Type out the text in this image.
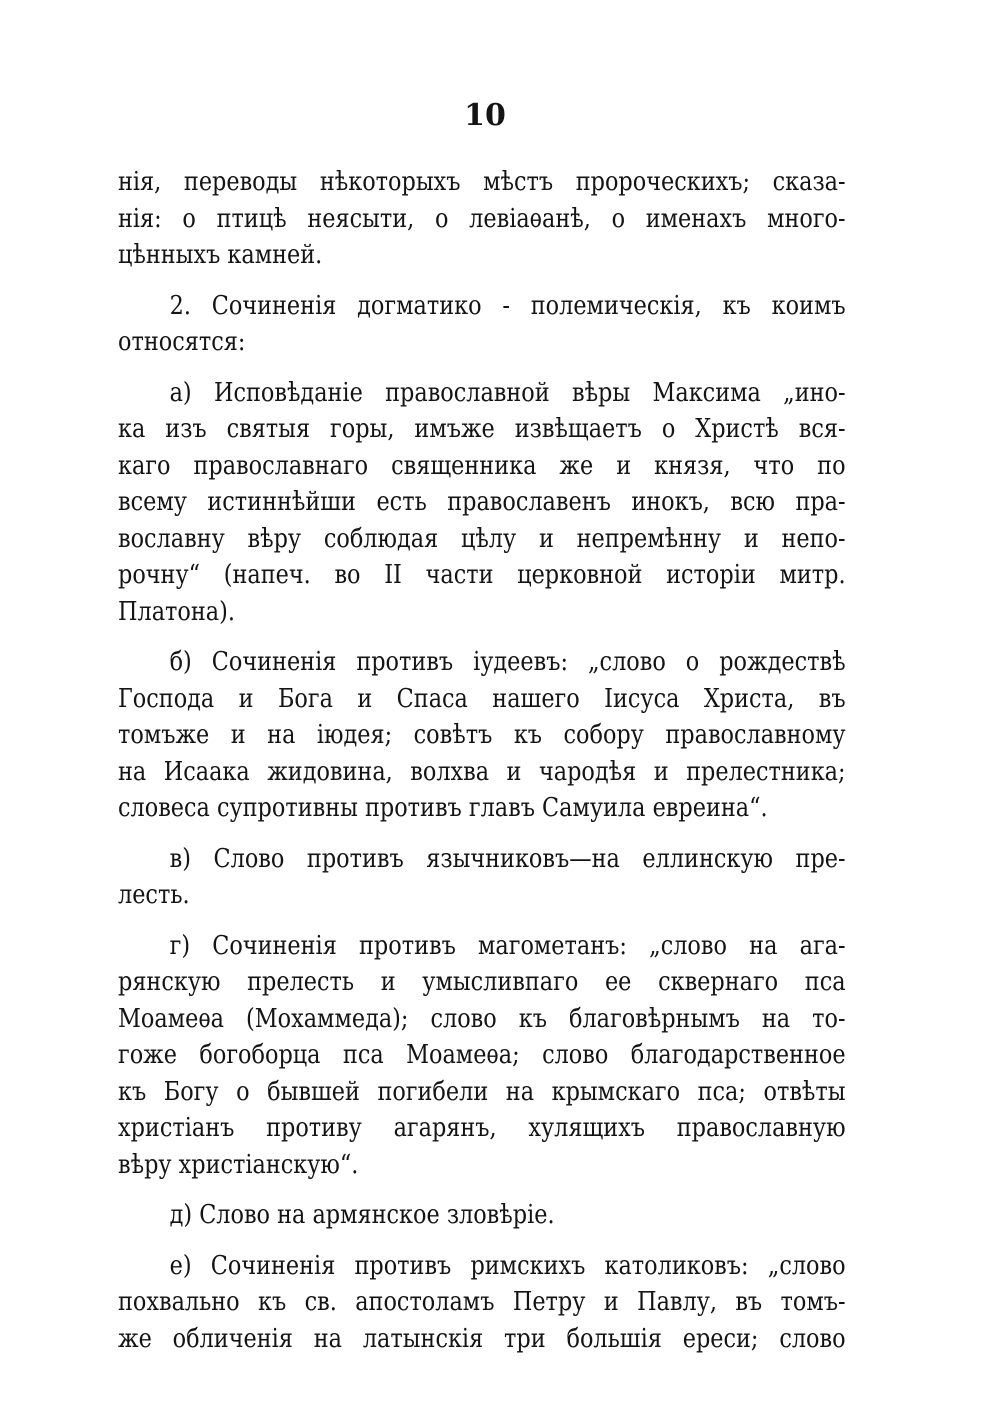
10
нія, переводы нѣкоторыхъ мѣстъ пророческихъ; сказа-
нія: о птицѣ неясыти, о левіаѳанѣ, о именахъ много-
цѣнныхъ камней.
2. Сочиненія догматико - полемическія, къ коимъ
относятся:
а) Исповѣданіе православной вѣры Максима „ино-
ка изъ святыя горы, имъже извѣщаетъ о Христѣ вся-
каго православнаго священника же и князя, что по
всему истиннѣйши есть православенъ инокъ, всю пра-
вославну вѣру соблюдая цѣлу и непремѣнну и непо-
рочну“ (напеч. во II части церковной исторіи митр.
Платона).
б) Сочиненія противъ іудеевъ: „слово о рождествѣ
Господа и Бога и Спаса нашего Іисуса Христа, въ
томъже и на іюдея; совѣтъ къ собору православному
на Исаака жидовина, волхва и чародѣя и прелестника;
словеса супротивны противъ главъ Самуила евреина“.
в) Слово противъ язычниковъ—на еллинскую пре-
лесть.
г) Сочиненія противъ магометанъ: „слово на ага-
рянскую прелесть и умысливпаго ее сквернаго пса
Моамеѳа (Мохаммеда); слово къ благовѣрнымъ на то-
гоже богоборца пса Моамеѳа; слово благодарственное
къ Богу о бывшей погибели на крымскаго пса; отвѣты
христіанъ противу агарянъ, хулящихъ православную
вѣру христіанскую“.
д) Слово на армянское зловѣріе.
е) Сочиненія противъ римскихъ католиковъ: „слово
похвально къ св. апостоламъ Петру и Павлу, въ томъ-
же обличенія на латынскія три большія ереси; слово
